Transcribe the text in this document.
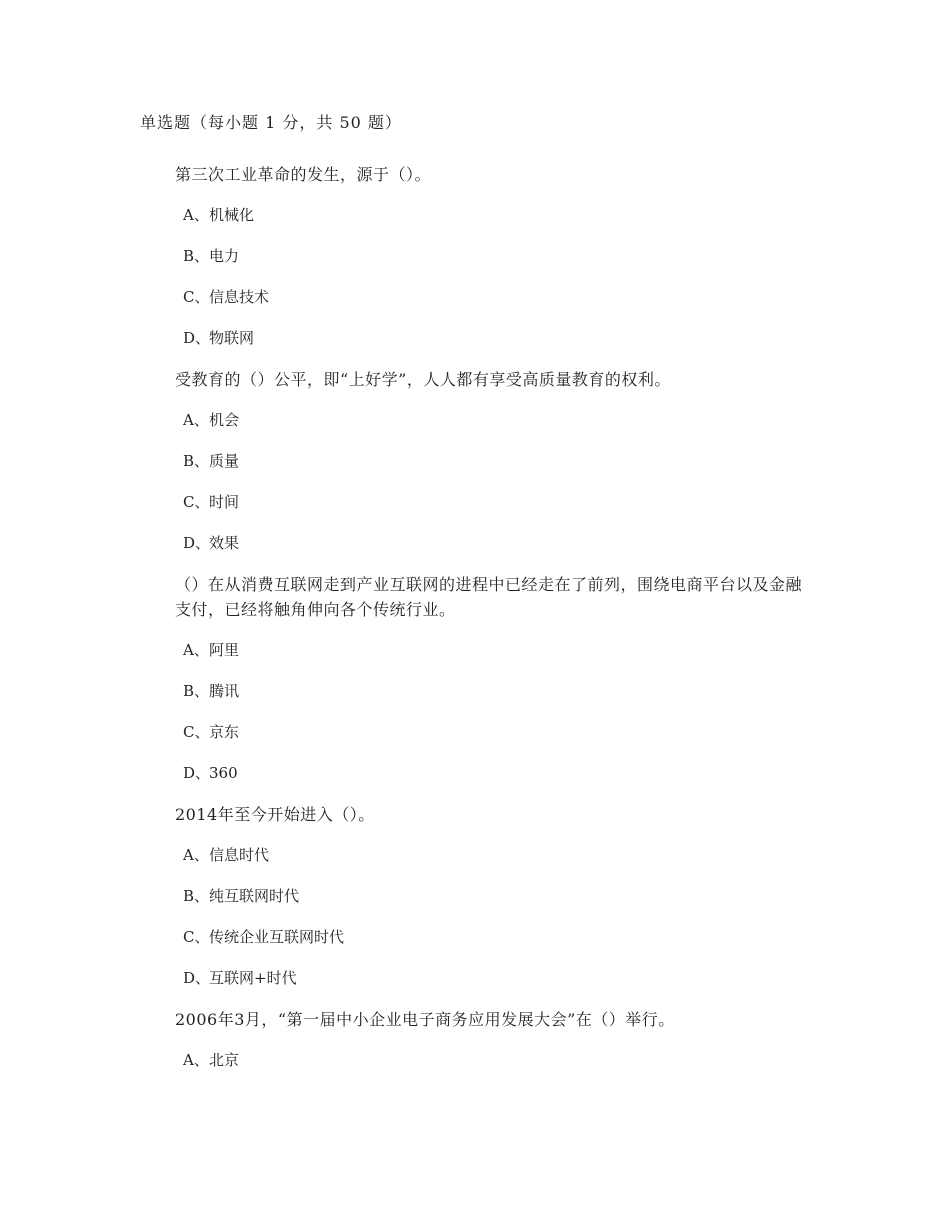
单选题（每小题 1 分，共 50 题）

第三次工业革命的发生，源于（）。

A、机械化

B、电力

C、信息技术

D、物联网

受教育的（）公平，即“上好学”，人人都有享受高质量教育的权利。

A、机会

B、质量

C、时间

D、效果

（）在从消费互联网走到产业互联网的进程中已经走在了前列，围绕电商平台以及金融支付，已经将触角伸向各个传统行业。

A、阿里

B、腾讯

C、京东

D、360

2014年至今开始进入（）。

A、信息时代

B、纯互联网时代

C、传统企业互联网时代

D、互联网+时代

2006年3月，“第一届中小企业电子商务应用发展大会”在（）举行。

A、北京
